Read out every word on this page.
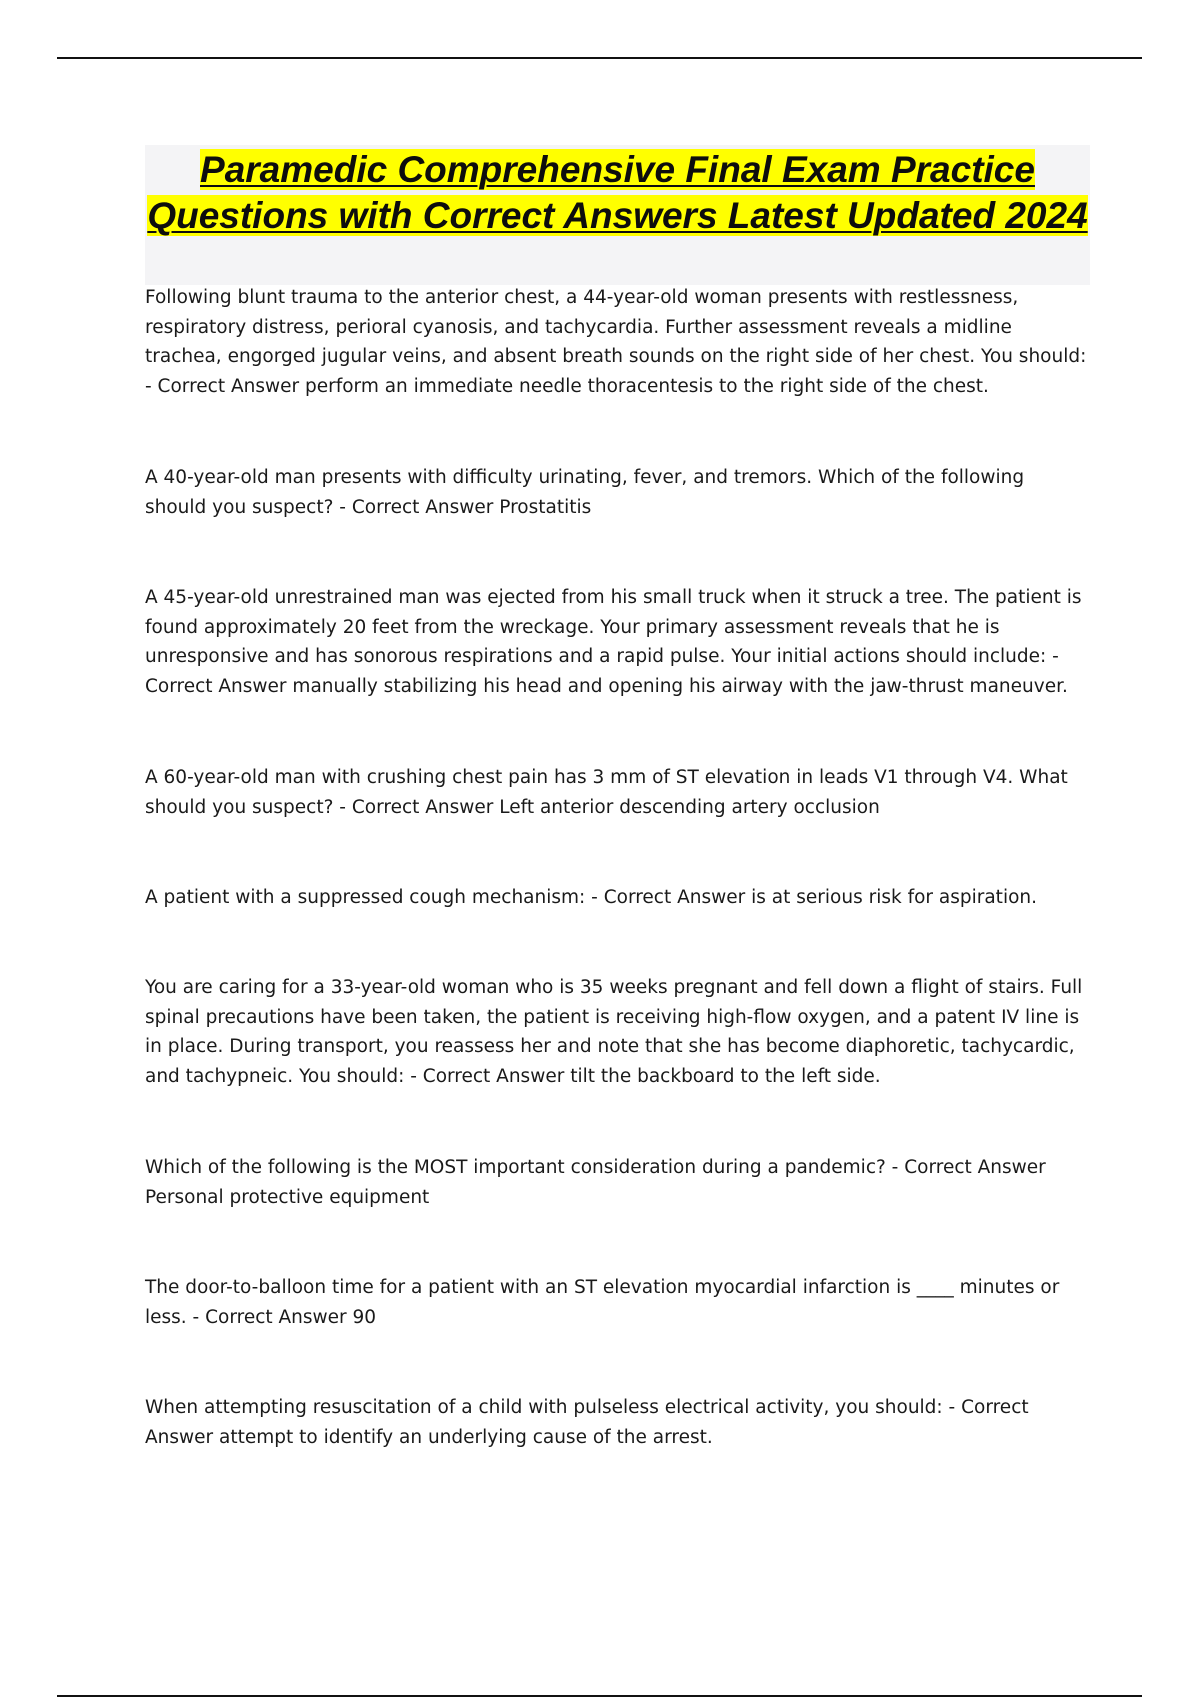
Paramedic Comprehensive Final Exam Practice Questions with Correct Answers Latest Updated 2024

Following blunt trauma to the anterior chest, a 44-year-old woman presents with restlessness, respiratory distress, perioral cyanosis, and tachycardia. Further assessment reveals a midline trachea, engorged jugular veins, and absent breath sounds on the right side of her chest. You should: - Correct Answer perform an immediate needle thoracentesis to the right side of the chest.

A 40-year-old man presents with difficulty urinating, fever, and tremors. Which of the following should you suspect? - Correct Answer Prostatitis

A 45-year-old unrestrained man was ejected from his small truck when it struck a tree. The patient is found approximately 20 feet from the wreckage. Your primary assessment reveals that he is unresponsive and has sonorous respirations and a rapid pulse. Your initial actions should include: - Correct Answer manually stabilizing his head and opening his airway with the jaw-thrust maneuver.

A 60-year-old man with crushing chest pain has 3 mm of ST elevation in leads V1 through V4. What should you suspect? - Correct Answer Left anterior descending artery occlusion

A patient with a suppressed cough mechanism: - Correct Answer is at serious risk for aspiration.

You are caring for a 33-year-old woman who is 35 weeks pregnant and fell down a flight of stairs. Full spinal precautions have been taken, the patient is receiving high-flow oxygen, and a patent IV line is in place. During transport, you reassess her and note that she has become diaphoretic, tachycardic, and tachypneic. You should: - Correct Answer tilt the backboard to the left side.

Which of the following is the MOST important consideration during a pandemic? - Correct Answer Personal protective equipment

The door-to-balloon time for a patient with an ST elevation myocardial infarction is ____ minutes or less. - Correct Answer 90

When attempting resuscitation of a child with pulseless electrical activity, you should: - Correct Answer attempt to identify an underlying cause of the arrest.
